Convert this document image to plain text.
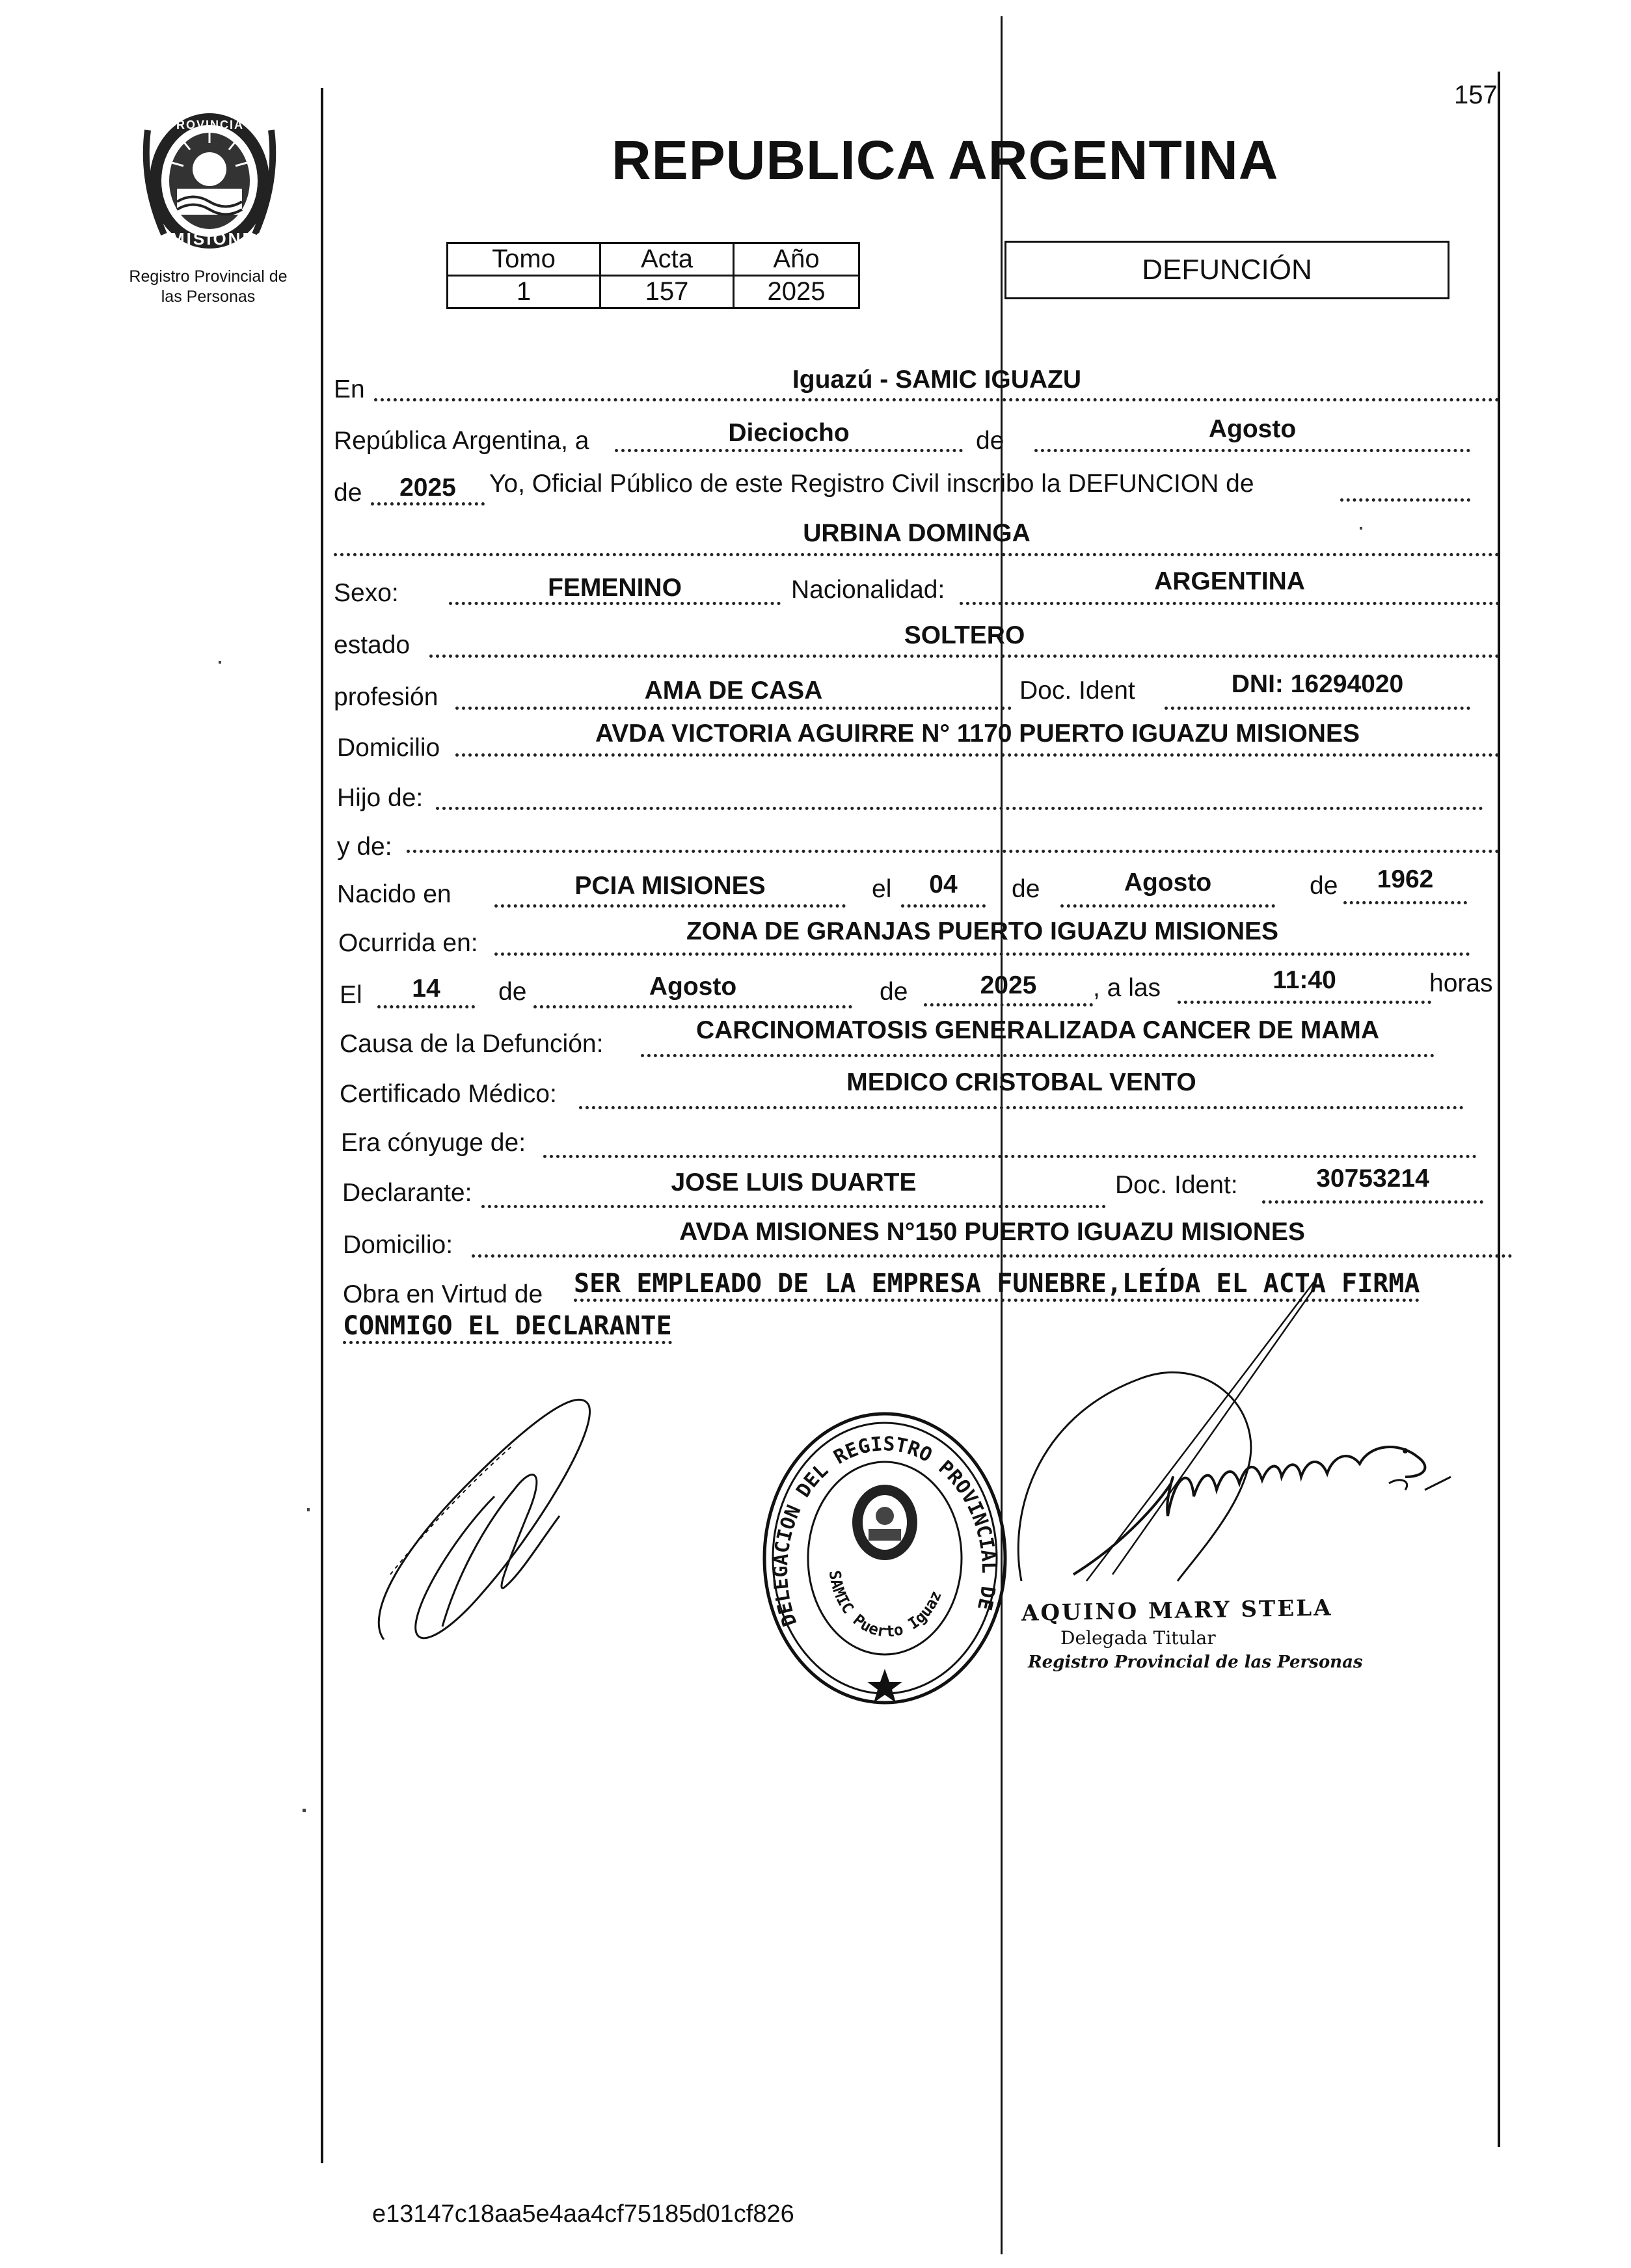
157
PROVINCIA DE
MISIONES
Registro Provincial de
las Personas
REPUBLICA ARGENTINA
Tomo	Acta	Año
1	157	2025
DEFUNCIÓN
En	Iguazú - SAMIC IGUAZU
República Argentina, a	Dieciocho	de	Agosto
de	2025	Yo, Oficial Público de este Registro Civil inscribo la DEFUNCION de
URBINA DOMINGA
Sexo:	FEMENINO	Nacionalidad:	ARGENTINA
estado	SOLTERO
profesión	AMA DE CASA	Doc. Ident	DNI: 16294020
Domicilio
AVDA VICTORIA AGUIRRE N° 1170 PUERTO IGUAZU MISIONES
Hijo de:
y de:
Nacido en	PCIA MISIONES	el	04	de	Agosto	de	1962
Ocurrida en:	ZONA DE GRANJAS PUERTO IGUAZU MISIONES
El	14	de	Agosto	de	2025	, a las	11:40	horas
Causa de la Defunción:	CARCINOMATOSIS GENERALIZADA CANCER DE MAMA
Certificado Médico:	MEDICO CRISTOBAL VENTO
Era cónyuge de:
Declarante:	JOSE LUIS DUARTE	Doc. Ident:	30753214
Domicilio:	AVDA MISIONES N°150 PUERTO IGUAZU MISIONES
Obra en Virtud de SER EMPLEADO DE LA EMPRESA FUNEBRE,LEÍDA EL ACTA FIRMA
CONMIGO EL DECLARANTE
DELEGACION DEL REGISTRO PROVINCIAL DE
SAMIC Puerto Iguaz	AQUINO MARY STELA
Delegada Titular
Registro Provincial de las Personas
e13147c18aa5e4aa4cf75185d01cf826
